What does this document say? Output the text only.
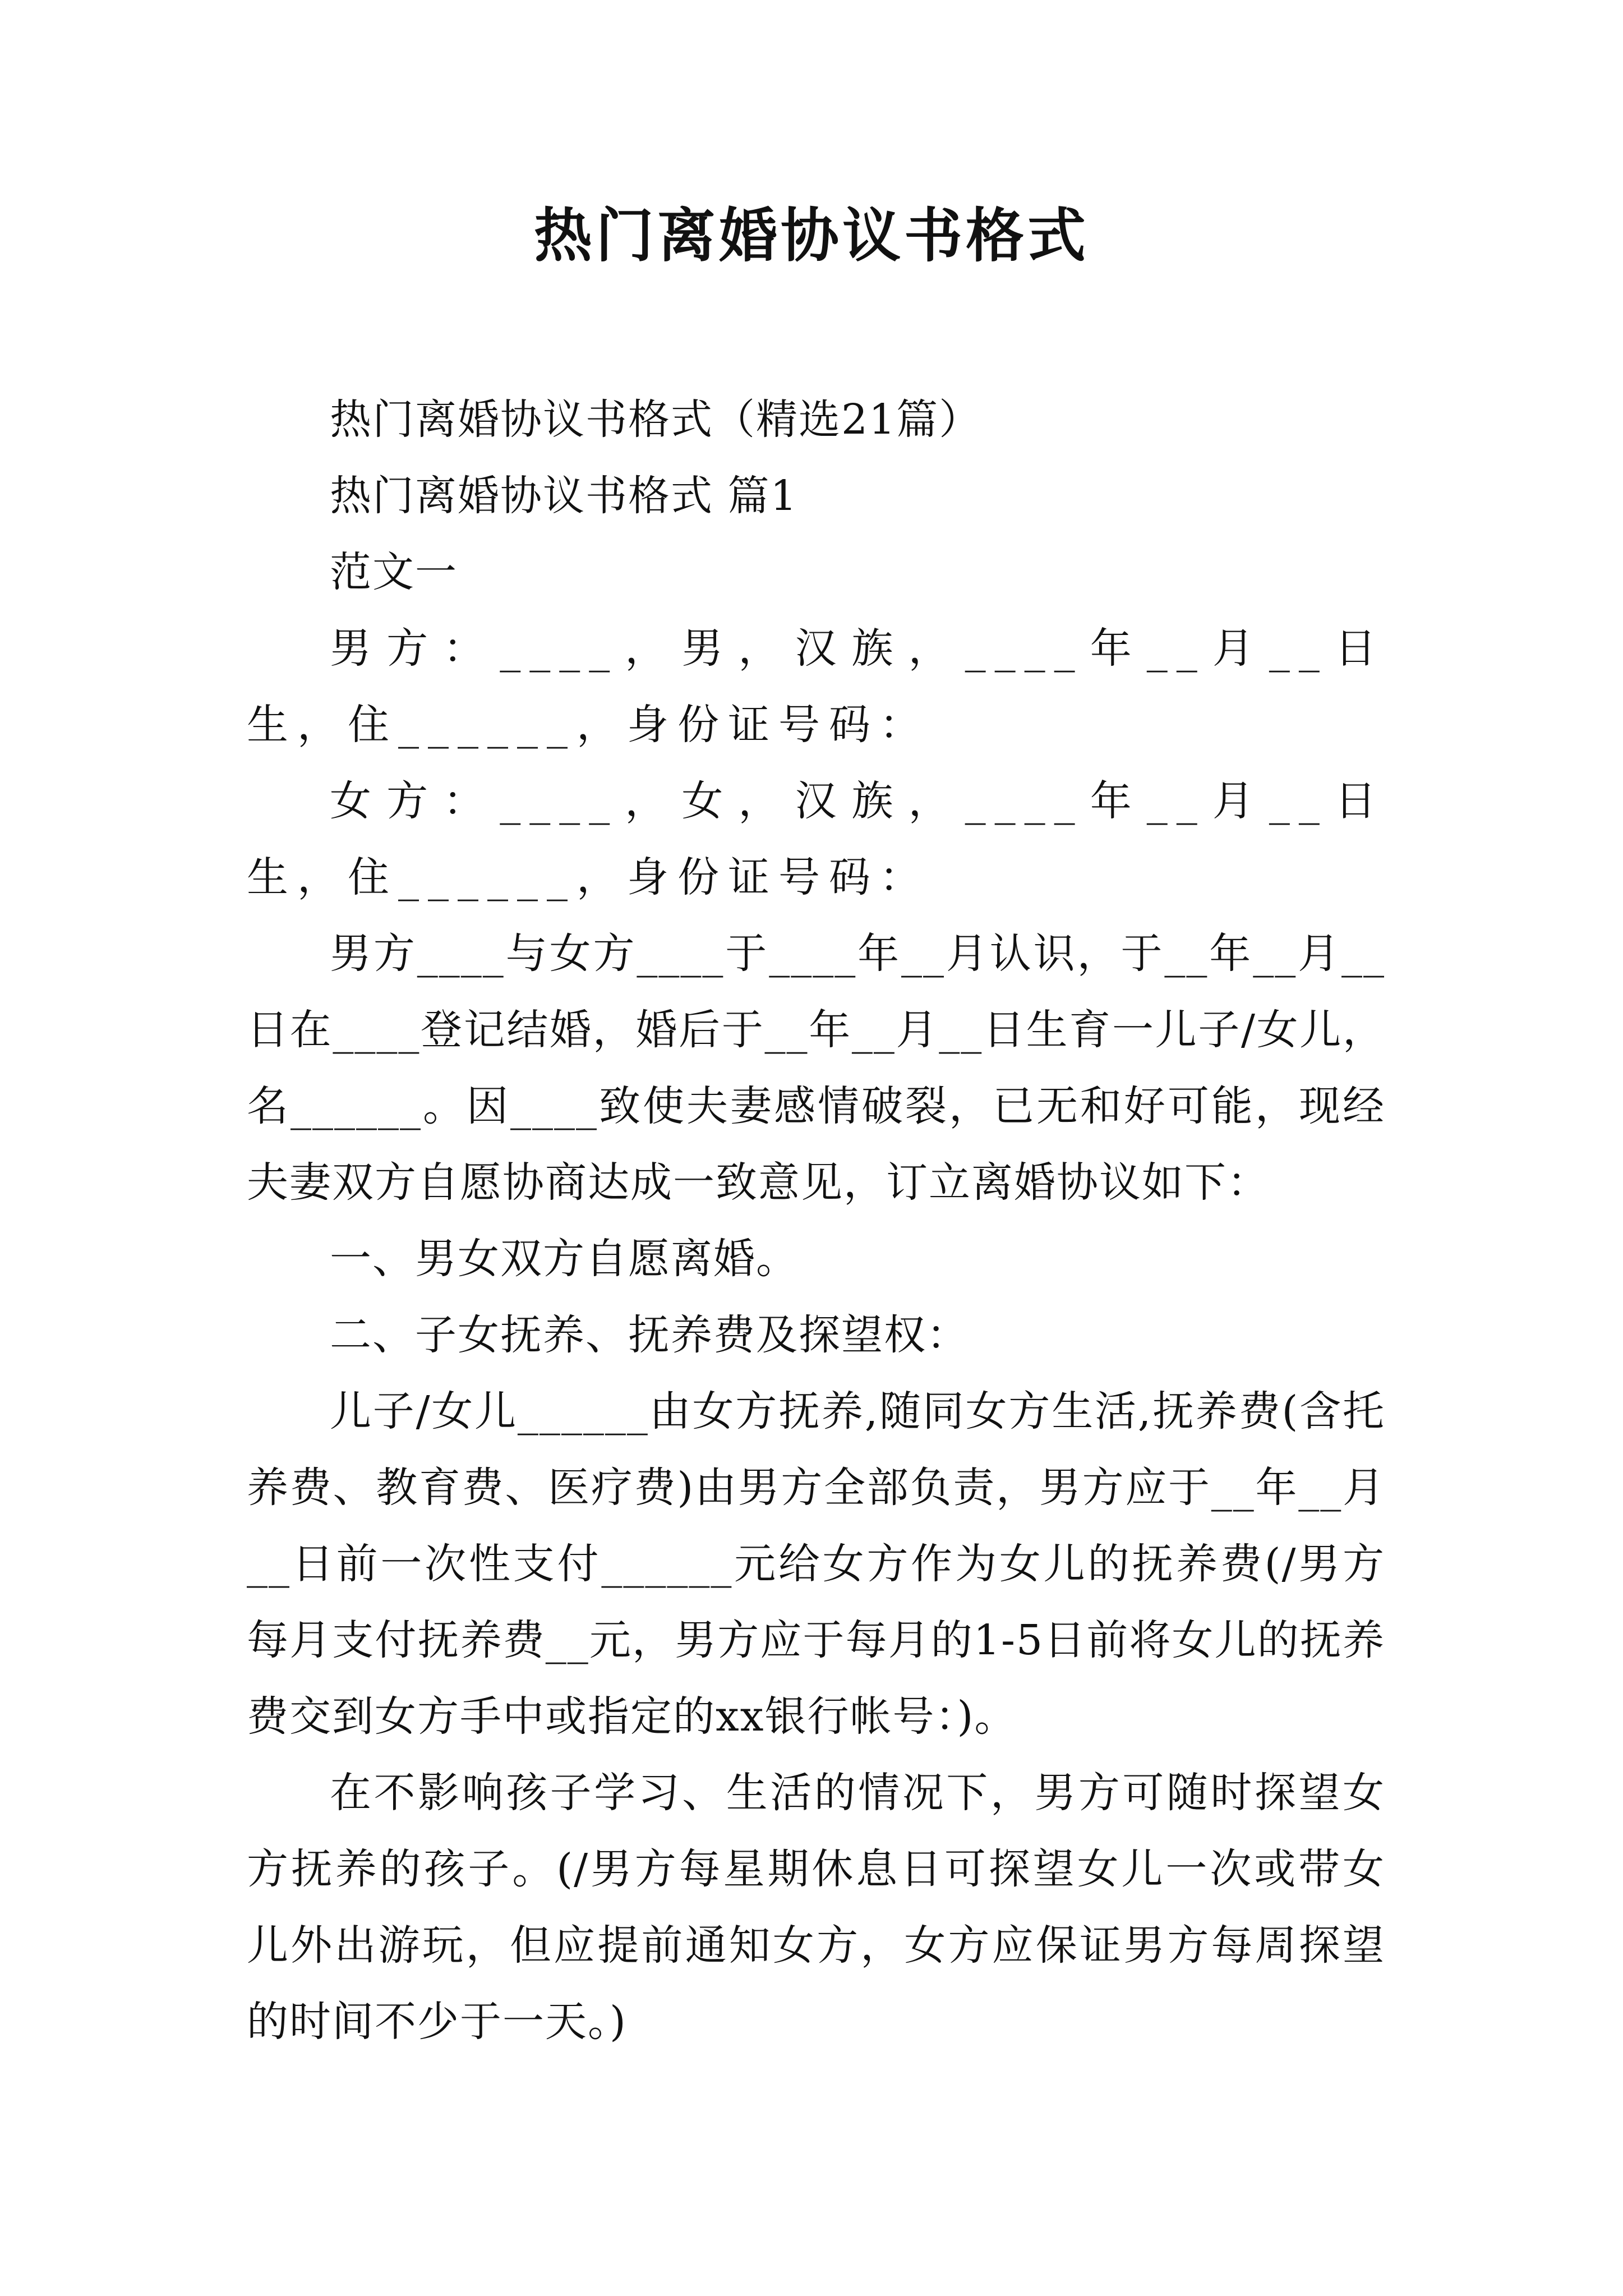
热门离婚协议书格式

热门离婚协议书格式（精选21篇）

热门离婚协议书格式 篇1

范文一

男方：____，男，汉族，____年__月__日生，住______，身份证号码：

女方：____，女，汉族，____年__月__日生，住______，身份证号码：

男方____与女方____于____年__月认识，于__年__月__日在____登记结婚，婚后于__年__月__日生育一儿子/女儿，名______。因____致使夫妻感情破裂，已无和好可能，现经夫妻双方自愿协商达成一致意见，订立离婚协议如下：

一、男女双方自愿离婚。

二、子女抚养、抚养费及探望权：

儿子/女儿______由女方抚养,随同女方生活,抚养费(含托养费、教育费、医疗费)由男方全部负责，男方应于__年__月__日前一次性支付______元给女方作为女儿的抚养费(/男方每月支付抚养费__元，男方应于每月的1-5日前将女儿的抚养费交到女方手中或指定的xx银行帐号：)。

在不影响孩子学习、生活的情况下，男方可随时探望女方抚养的孩子。(/男方每星期休息日可探望女儿一次或带女儿外出游玩，但应提前通知女方，女方应保证男方每周探望的时间不少于一天。)
